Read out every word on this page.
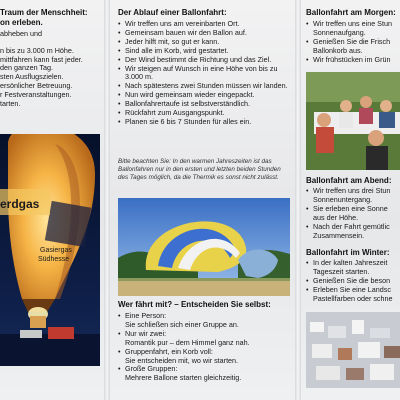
Traum der Menschheit:
on erleben.
abheben und
n bis zu 3.000 m Höhe.
mittfahren kann fast jeder.
den ganzen Tag.
sten Ausflugszielen.
ersönlicher Betreuung.
r Festveranstaltungen.
tarten.
erdgas
Gasiergas
Südhesse
Der Ablauf einer Ballonfahrt:
• Wir treffen uns am vereinbarten Ort.
• Gemeinsam bauen wir den Ballon auf.
• Jeder hilft mit, so gut er kann.
• Sind alle im Korb, wird gestartet.
• Der Wind bestimmt die Richtung und das Ziel.
• Wir steigen auf Wunsch in eine Höhe von bis zu 3.000 m.
• Nach spätestens zwei Stunden müssen wir landen.
• Nun wird gemeinsam wieder eingepackt.
• Ballonfahrertaufe ist selbstverständlich.
• Rückfahrt zum Ausgangspunkt.
• Planen sie 6 bis 7 Stunden für alles ein.
Bitte beachten Sie: In den warmen Jahreszeiten ist das Ballonfahren nur in den ersten und letzten beiden Stunden des Tages möglich, da die Thermik es sonst nicht zulässt.
Wer fährt mit? – Entscheiden Sie selbst:
• Eine Person:
Sie schließen sich einer Gruppe an.
• Nur wir zwei:
Romantik pur – dem Himmel ganz nah.
• Gruppenfahrt, ein Korb voll:
Sie entscheiden mit, wo wir starten.
• Große Gruppen:
Mehrere Ballone starten gleichzeitig.
Ballonfahrt am Morgen:
• Wir treffen uns eine Stun
Sonnenaufgang.
• Genießen Sie die Frisch
Ballonkorb aus.
• Wir frühstücken im Grün
Ballonfahrt am Abend:
• Wir treffen uns drei Stun
Sonnenuntergang.
• Sie erleben eine Sonne
aus der Höhe.
• Nach der Fahrt gemütlic
Zusammensein.
Ballonfahrt im Winter:
• In der kalten Jahreszeit
Tageszeit starten.
• Genießen Sie die beson
• Erleben Sie eine Landsc
Pastellfarben oder schne
